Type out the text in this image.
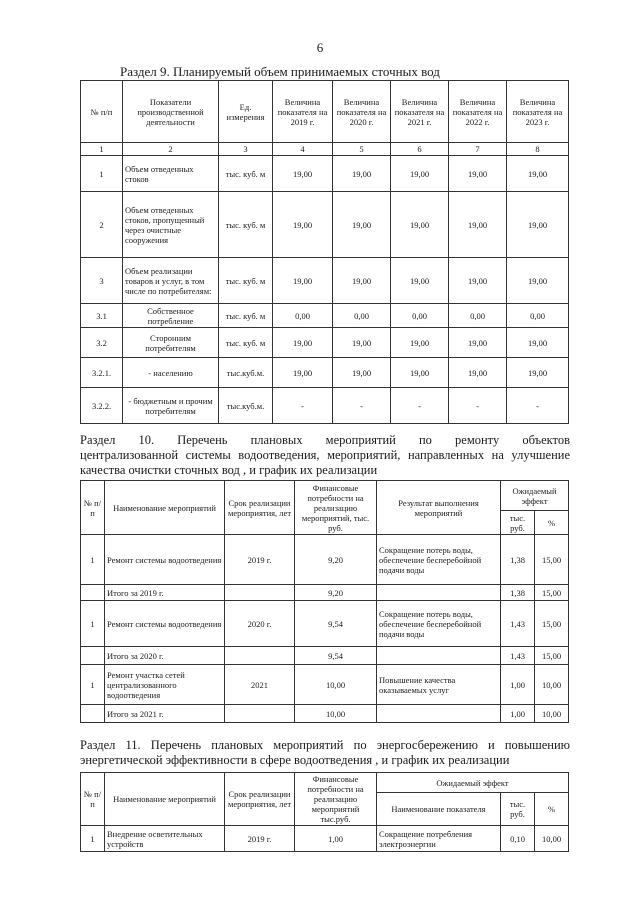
6
Раздел 9. Планируемый объем принимаемых сточных вод
№ п/п	Показатели производственной деятельности	Ед. измерения	Величина показателя на 2019 г.	Величина показателя на 2020 г.	Величина показателя на 2021 г.	Величина показателя на 2022 г.	Величина показателя на 2023 г.
1	2	3	4	5	6	7	8
1	Объем отведенных стоков	тыс. куб. м	19,00	19,00	19,00	19,00	19,00
2	Объем отведенных стоков, пропущенный через очистные сооружения	тыс. куб. м	19,00	19,00	19,00	19,00	19,00
3	Объем реализации товаров и услуг, в том числе по потребителям:	тыс. куб. м	19,00	19,00	19,00	19,00	19,00
3.1	Собственное потребление	тыс. куб. м	0,00	0,00	0,00	0,00	0,00
3.2	Сторонним потребителям	тыс. куб. м	19,00	19,00	19,00	19,00	19,00
3.2.1.	- населению	тыс.куб.м.	19,00	19,00	19,00	19,00	19,00
3.2.2.	- бюджетным и прочим потребителям	тыс.куб.м.	-	-	-	-	-
Раздел 10. Перечень плановых мероприятий по ремонту объектов
централизованной системы водоотведения, мероприятий, направленных на улучшение
качества очистки сточных вод , и график их реализации
№ п/п	Наименование мероприятий	Срок реализации мероприятия, лет	Финансовые потребности на реализацию мероприятий, тыс. руб.	Результат выполнения мероприятий	Ожидаемый эффект	
					тыс. руб.	%
1	Ремонт системы водоотведения	2019 г.	9,20	Сокращение потерь воды, обеспечение бесперебойной подачи воды	1,38	15,00
	Итого за 2019 г.		9,20		1,38	15,00
1	Ремонт системы водоотведения	2020 г.	9,54	Сокращение потерь воды, обеспечение бесперебойной подачи воды	1,43	15,00
	Итого за 2020 г.		9,54		1,43	15,00
1	Ремонт участка сетей централизованного водоотведения	2021	10,00	Повышение качества оказываемых услуг	1,00	10,00
	Итого за 2021 г.		10,00		1,00	10,00
Раздел 11. Перечень плановых мероприятий по энергосбережению и повышению
энергетической эффективности в сфере водоотведения , и график их реализации
№ п/п	Наименование мероприятий	Срок реализации мероприятия, лет	Финансовые потребности на реализацию мероприятий тыс.руб.	Ожидаемый эффект		
				Наименование показателя	тыс. руб.	%
1	Внедрение осветительных устройств	2019 г.	1,00	Сокращение потребления электроэнергии	0,10	10,00
